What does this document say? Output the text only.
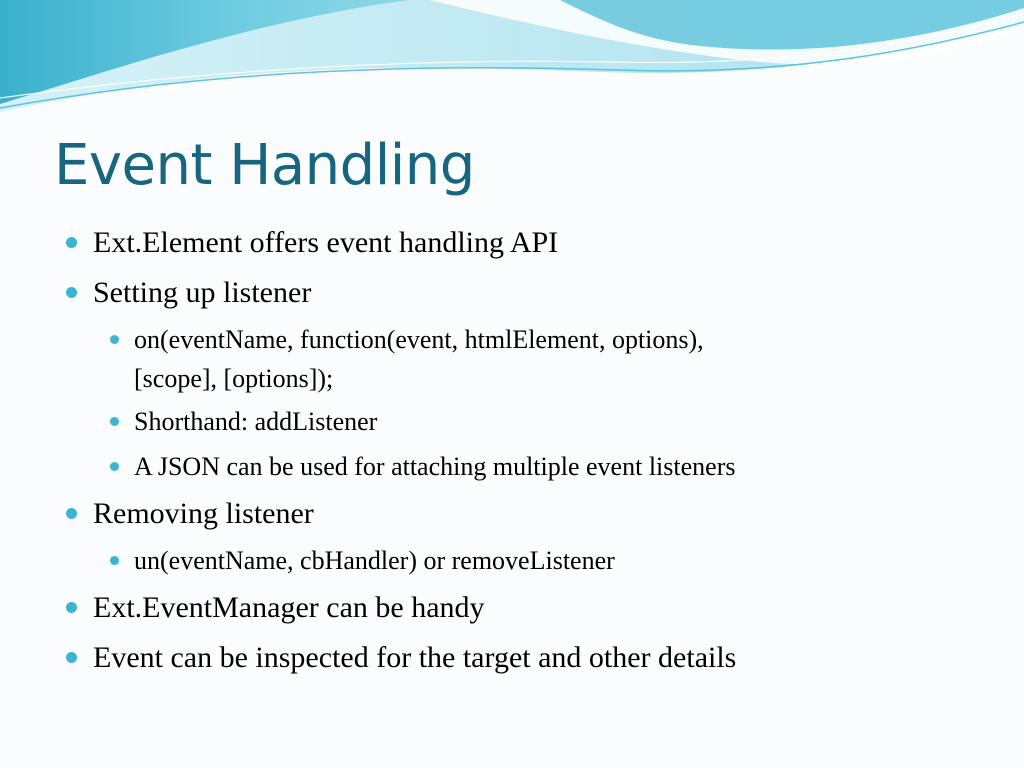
Event Handling
Ext.Element offers event handling API
Setting up listener
on(eventName, function(event, htmlElement, options),
[scope], [options]);
Shorthand: addListener
A JSON can be used for attaching multiple event listeners
Removing listener
un(eventName, cbHandler) or removeListener
Ext.EventManager can be handy
Event can be inspected for the target and other details
